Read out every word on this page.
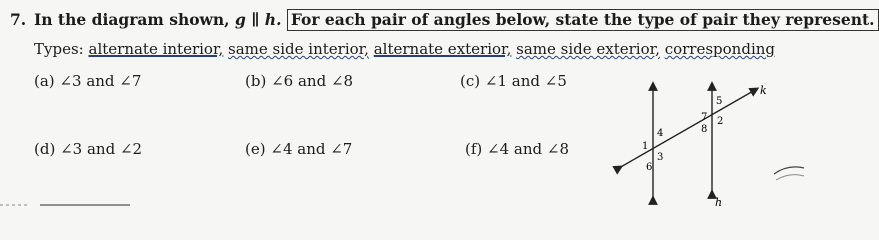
7. In the diagram shown, g ∥ h. For each pair of angles below, state the type of pair they represent.
Types: alternate interior, same side interior, alternate exterior, same side exterior, corresponding
(a) ∠3 and ∠7	(b) ∠6 and ∠8	(c) ∠1 and ∠5
(d) ∠3 and ∠2	(e) ∠4 and ∠7	(f) ∠4 and ∠8
k
h
5
7 2
8
4
1
3
6
